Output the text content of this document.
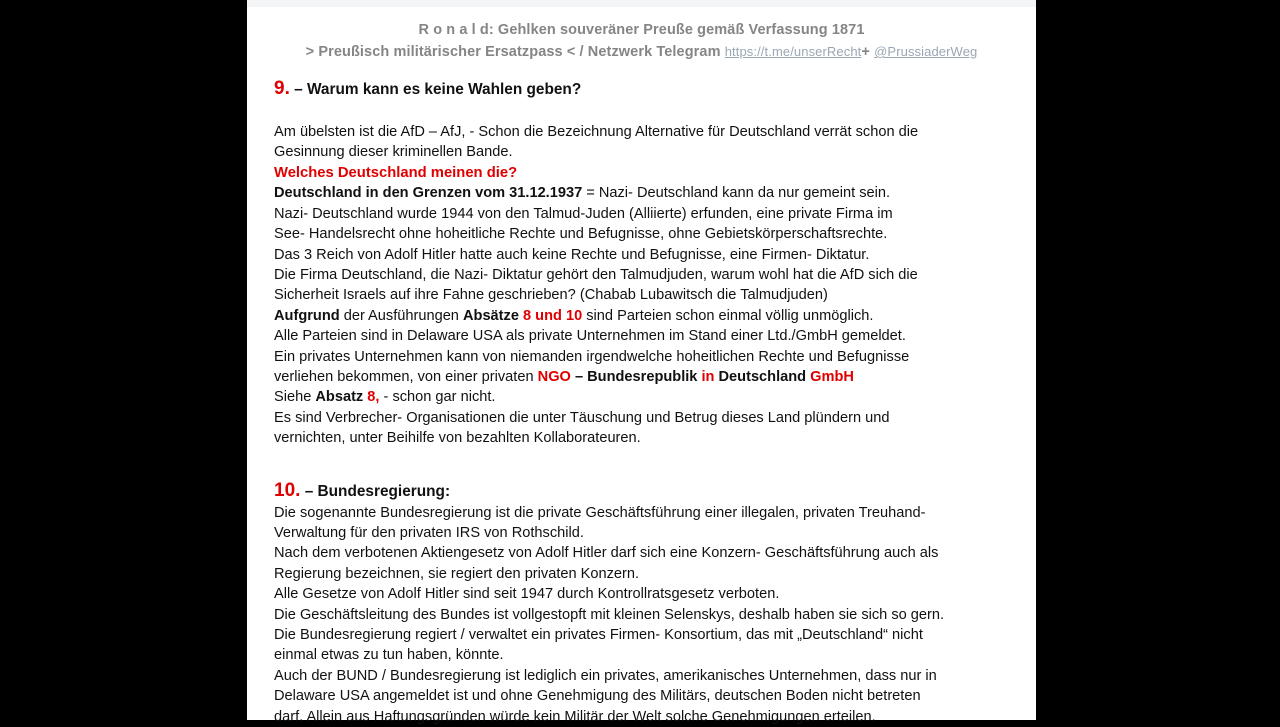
R o n a l d: Gehlken souveräner Preuße gemäß Verfassung 1871
> Preußisch militärischer Ersatzpass < / Netzwerk Telegram https://t.me/unserRecht+ @PrussiaderWeg
9. – Warum kann es keine Wahlen geben?
Am übelsten ist die AfD – AfJ, - Schon die Bezeichnung Alternative für Deutschland verrät schon die
Gesinnung dieser kriminellen Bande.
Welches Deutschland meinen die?
Deutschland in den Grenzen vom 31.12.1937 = Nazi- Deutschland kann da nur gemeint sein.
Nazi- Deutschland wurde 1944 von den Talmud-Juden (Alliierte) erfunden, eine private Firma im
See- Handelsrecht ohne hoheitliche Rechte und Befugnisse, ohne Gebietskörperschaftsrechte.
Das 3 Reich von Adolf Hitler hatte auch keine Rechte und Befugnisse, eine Firmen- Diktatur.
Die Firma Deutschland, die Nazi- Diktatur gehört den Talmudjuden, warum wohl hat die AfD sich die
Sicherheit Israels auf ihre Fahne geschrieben? (Chabab Lubawitsch die Talmudjuden)
Aufgrund der Ausführungen Absätze 8 und 10 sind Parteien schon einmal völlig unmöglich.
Alle Parteien sind in Delaware USA als private Unternehmen im Stand einer Ltd./GmbH gemeldet.
Ein privates Unternehmen kann von niemanden irgendwelche hoheitlichen Rechte und Befugnisse
verliehen bekommen, von einer privaten NGO – Bundesrepublik in Deutschland GmbH
Siehe Absatz 8, - schon gar nicht.
Es sind Verbrecher- Organisationen die unter Täuschung und Betrug dieses Land plündern und
vernichten, unter Beihilfe von bezahlten Kollaborateuren.
10. – Bundesregierung:
Die sogenannte Bundesregierung ist die private Geschäftsführung einer illegalen, privaten Treuhand-
Verwaltung für den privaten IRS von Rothschild.
Nach dem verbotenen Aktiengesetz von Adolf Hitler darf sich eine Konzern- Geschäftsführung auch als
Regierung bezeichnen, sie regiert den privaten Konzern.
Alle Gesetze von Adolf Hitler sind seit 1947 durch Kontrollratsgesetz verboten.
Die Geschäftsleitung des Bundes ist vollgestopft mit kleinen Selenskys, deshalb haben sie sich so gern.
Die Bundesregierung regiert / verwaltet ein privates Firmen- Konsortium, das mit „Deutschland“ nicht
einmal etwas zu tun haben, könnte.
Auch der BUND / Bundesregierung ist lediglich ein privates, amerikanisches Unternehmen, dass nur in
Delaware USA angemeldet ist und ohne Genehmigung des Militärs, deutschen Boden nicht betreten
darf, Allein aus Haftungsgründen würde kein Militär der Welt solche Genehmigungen erteilen.
